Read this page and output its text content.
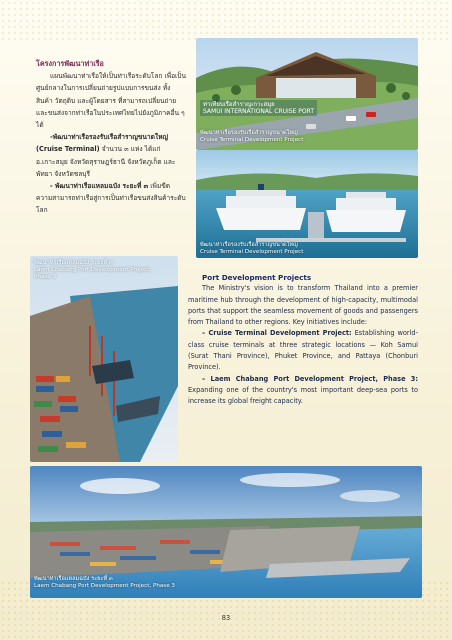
โครงการพัฒนาท่าเรือ

แผนพัฒนาท่าเรือให้เป็นท่าเรือระดับโลก เพื่อเป็นศูนย์กลางในการเปลี่ยนถ่ายรูปแบบการขนส่ง ทั้งสินค้า วัตถุดิบ และผู้โดยสาร ที่สามารถเปลี่ยนถ่ายและขนส่งจากท่าเรือในประเทศไทยไปยังภูมิภาคอื่น ๆ ได้

-พัฒนาท่าเรือรองรับเรือสำราญขนาดใหญ่ (Cruise Terminal) จำนวน ๓ แห่ง ได้แก่ อ.เกาะสมุย จังหวัดสุราษฎร์ธานี จังหวัดภูเก็ต และพัทยา จังหวัดชลบุรี

- พัฒนาท่าเรือแหลมฉบัง ระยะที่ ๓ เพิ่มขีดความสามารถท่าเรือสู่การเป็นท่าเรือขนส่งสินค้าระดับโลก

ท่าเทียบเรือสำราญเกาะสมุย
SAMUI INTERNATIONAL CRUISE PORT
พัฒนาท่าเรือรองรับเรือสำราญขนาดใหญ่
Cruise Terminal Development Project
พัฒนาท่าเรือรองรับเรือสำราญขนาดใหญ่
Cruise Terminal Development Project
พัฒนาท่าเรือแหลมฉบัง ระยะที่ ๓
Laem Chabang Port Development Project,
Phase 3	Port Development Projects

The Ministry's vision is to transform Thailand into a premier maritime hub through the development of high-capacity, multimodal ports that support the seamless movement of goods and passengers from Thailand to other regions. Key initiatives include:

– Cruise Terminal Development Project: Establishing world-class cruise terminals at three strategic locations — Koh Samui (Surat Thani Province), Phuket Province, and Pattaya (Chonburi Province).

– Laem Chabang Port Development Project, Phase 3: Expanding one of the country's most important deep-sea ports to increase its global freight capacity.

พัฒนาท่าเรือแหลมฉบัง ระยะที่ ๓
Laem Chabang Port Development Project, Phase 3
83
